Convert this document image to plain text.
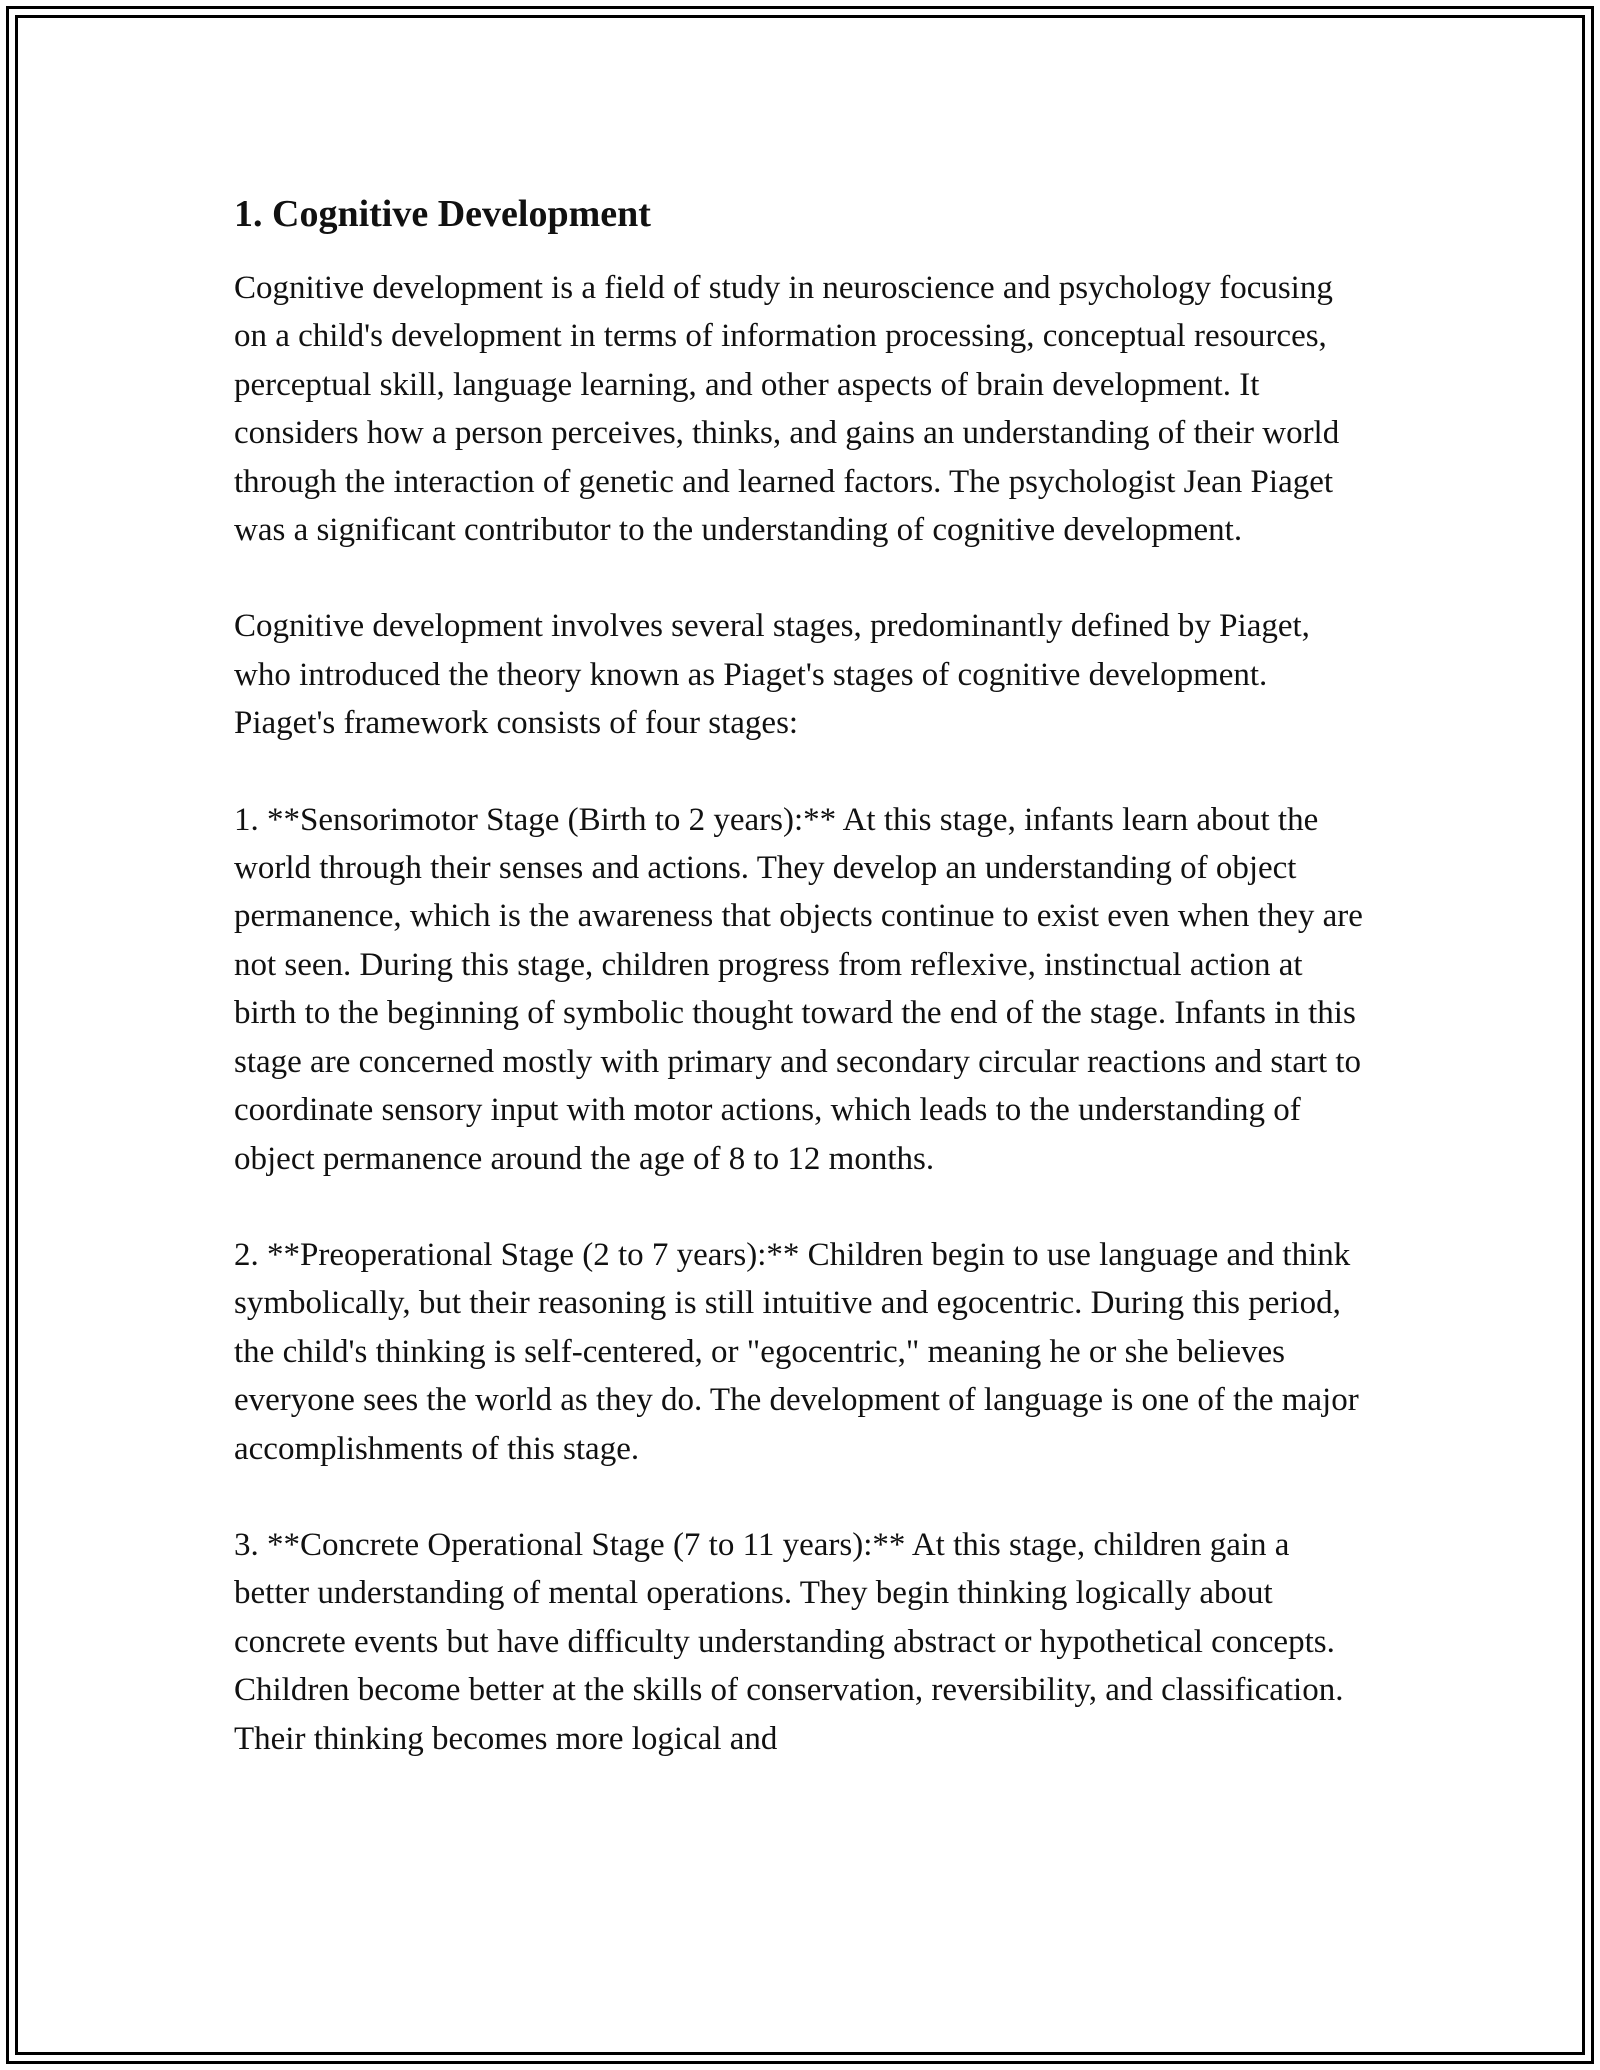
1. Cognitive Development

Cognitive development is a field of study in neuroscience and psychology focusing on a child's development in terms of information processing, conceptual resources, perceptual skill, language learning, and other aspects of brain development. It considers how a person perceives, thinks, and gains an understanding of their world through the interaction of genetic and learned factors. The psychologist Jean Piaget was a significant contributor to the understanding of cognitive development.

Cognitive development involves several stages, predominantly defined by Piaget, who introduced the theory known as Piaget's stages of cognitive development. Piaget's framework consists of four stages:

1. **Sensorimotor Stage (Birth to 2 years):** At this stage, infants learn about the world through their senses and actions. They develop an understanding of object permanence, which is the awareness that objects continue to exist even when they are not seen. During this stage, children progress from reflexive, instinctual action at birth to the beginning of symbolic thought toward the end of the stage. Infants in this stage are concerned mostly with primary and secondary circular reactions and start to coordinate sensory input with motor actions, which leads to the understanding of object permanence around the age of 8 to 12 months.

2. **Preoperational Stage (2 to 7 years):** Children begin to use language and think symbolically, but their reasoning is still intuitive and egocentric. During this period, the child's thinking is self-centered, or "egocentric," meaning he or she believes everyone sees the world as they do. The development of language is one of the major accomplishments of this stage.

3. **Concrete Operational Stage (7 to 11 years):** At this stage, children gain a better understanding of mental operations. They begin thinking logically about concrete events but have difficulty understanding abstract or hypothetical concepts. Children become better at the skills of conservation, reversibility, and classification. Their thinking becomes more logical and
